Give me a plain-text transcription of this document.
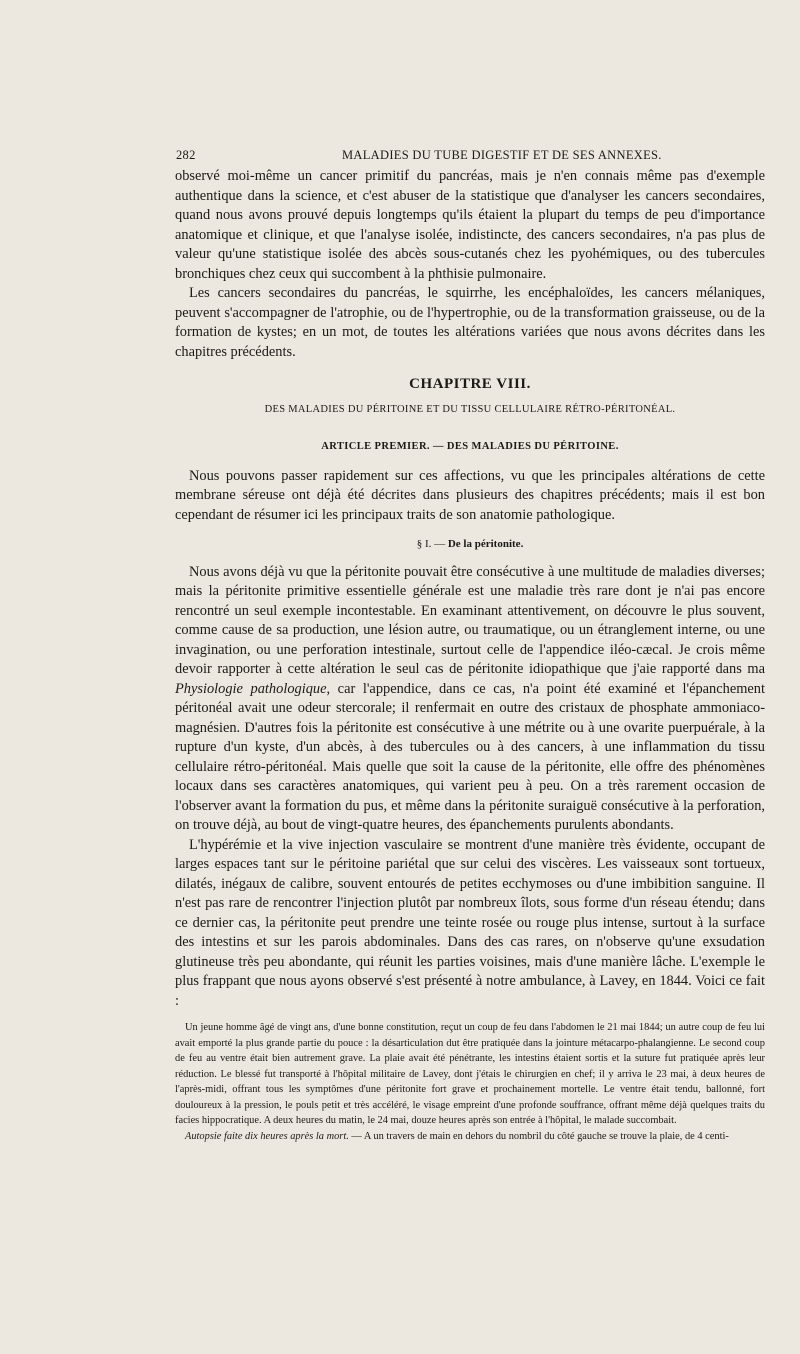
282	MALADIES DU TUBE DIGESTIF ET DE SES ANNEXES.

observé moi-même un cancer primitif du pancréas, mais je n'en connais même pas d'exemple authentique dans la science, et c'est abuser de la statistique que d'analyser les cancers secondaires, quand nous avons prouvé depuis longtemps qu'ils étaient la plupart du temps de peu d'importance anatomique et clinique, et que l'analyse isolée, indistincte, des cancers secondaires, n'a pas plus de valeur qu'une statistique isolée des abcès sous-cutanés chez les pyohémiques, ou des tubercules bronchiques chez ceux qui succombent à la phthisie pulmonaire.

Les cancers secondaires du pancréas, le squirrhe, les encéphaloïdes, les cancers mélaniques, peuvent s'accompagner de l'atrophie, ou de l'hypertrophie, ou de la transformation graisseuse, ou de la formation de kystes; en un mot, de toutes les altérations variées que nous avons décrites dans les chapitres précédents.

CHAPITRE VIII.
DES MALADIES DU PÉRITOINE ET DU TISSU CELLULAIRE RÉTRO-PÉRITONÉAL.
ARTICLE PREMIER. — DES MALADIES DU PÉRITOINE.

Nous pouvons passer rapidement sur ces affections, vu que les principales altérations de cette membrane séreuse ont déjà été décrites dans plusieurs des chapitres précédents; mais il est bon cependant de résumer ici les principaux traits de son anatomie pathologique.

§ I. — De la péritonite.

Nous avons déjà vu que la péritonite pouvait être consécutive à une multitude de maladies diverses; mais la péritonite primitive essentielle générale est une maladie très rare dont je n'ai pas encore rencontré un seul exemple incontestable. En examinant attentivement, on découvre le plus souvent, comme cause de sa production, une lésion autre, ou traumatique, ou un étranglement interne, ou une invagination, ou une perforation intestinale, surtout celle de l'appendice iléo-cæcal. Je crois même devoir rapporter à cette altération le seul cas de péritonite idiopathique que j'aie rapporté dans ma Physiologie pathologique, car l'appendice, dans ce cas, n'a point été examiné et l'épanchement péritonéal avait une odeur stercorale; il renfermait en outre des cristaux de phosphate ammoniaco-magnésien. D'autres fois la péritonite est consécutive à une métrite ou à une ovarite puerpuérale, à la rupture d'un kyste, d'un abcès, à des tubercules ou à des cancers, à une inflammation du tissu cellulaire rétro-péritonéal. Mais quelle que soit la cause de la péritonite, elle offre des phénomènes locaux dans ses caractères anatomiques, qui varient peu à peu. On a très rarement occasion de l'observer avant la formation du pus, et même dans la péritonite suraiguë consécutive à la perforation, on trouve déjà, au bout de vingt-quatre heures, des épanchements purulents abondants.

L'hypérémie et la vive injection vasculaire se montrent d'une manière très évidente, occupant de larges espaces tant sur le péritoine pariétal que sur celui des viscères. Les vaisseaux sont tortueux, dilatés, inégaux de calibre, souvent entourés de petites ecchymoses ou d'une imbibition sanguine. Il n'est pas rare de rencontrer l'injection plutôt par nombreux îlots, sous forme d'un réseau étendu; dans ce dernier cas, la péritonite peut prendre une teinte rosée ou rouge plus intense, surtout à la surface des intestins et sur les parois abdominales. Dans des cas rares, on n'observe qu'une exsudation glutineuse très peu abondante, qui réunit les parties voisines, mais d'une manière lâche. L'exemple le plus frappant que nous ayons observé s'est présenté à notre ambulance, à Lavey, en 1844. Voici ce fait :

Un jeune homme âgé de vingt ans, d'une bonne constitution, reçut un coup de feu dans l'abdomen le 21 mai 1844; un autre coup de feu lui avait emporté la plus grande partie du pouce : la désarticulation dut être pratiquée dans la jointure métacarpo-phalangienne. Le second coup de feu au ventre était bien autrement grave. La plaie avait été pénétrante, les intestins étaient sortis et la suture fut pratiquée après leur réduction. Le blessé fut transporté à l'hôpital militaire de Lavey, dont j'étais le chirurgien en chef; il y arriva le 23 mai, à deux heures de l'après-midi, offrant tous les symptômes d'une péritonite fort grave et prochainement mortelle. Le ventre était tendu, ballonné, fort douloureux à la pression, le pouls petit et très accéléré, le visage empreint d'une profonde souffrance, offrant même déjà quelques traits du facies hippocratique. A deux heures du matin, le 24 mai, douze heures après son entrée à l'hôpital, le malade succombait.

Autopsie faite dix heures après la mort. — A un travers de main en dehors du nombril du côté gauche se trouve la plaie, de 4 centi-
